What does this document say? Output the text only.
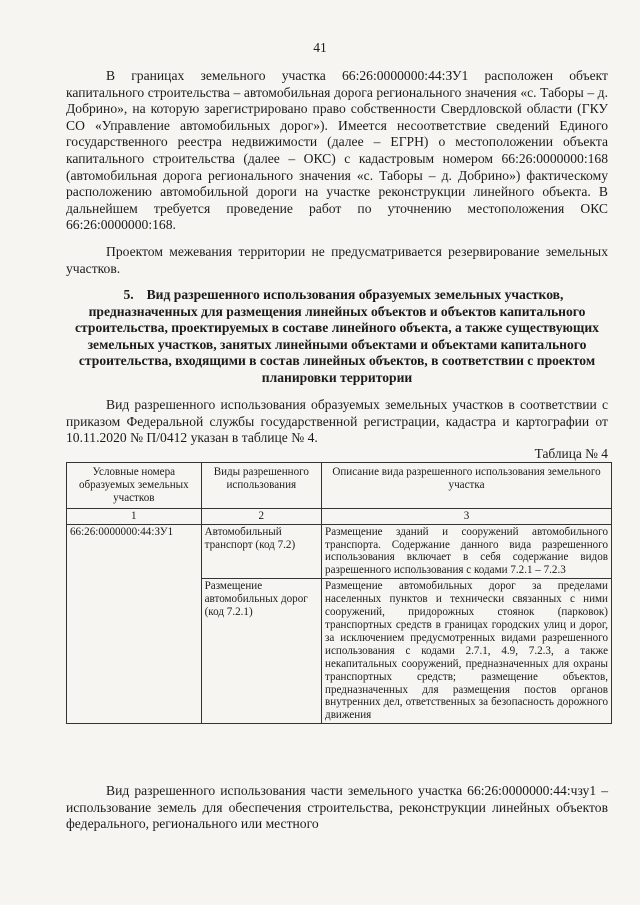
41

В границах земельного участка 66:26:0000000:44:ЗУ1 расположен объект капитального строительства – автомобильная дорога регионального значения «с. Таборы – д. Добрино», на которую зарегистрировано право собственности Свердловской области (ГКУ СО «Управление автомобильных дорог»). Имеется несоответствие сведений Единого государственного реестра недвижимости (далее – ЕГРН) о местоположении объекта капитального строительства (далее – ОКС) с кадастровым номером 66:26:0000000:168 (автомобильная дорога регионального значения «с. Таборы – д. Добрино») фактическому расположению автомобильной дороги на участке реконструкции линейного объекта. В дальнейшем требуется проведение работ по уточнению местоположения ОКС 66:26:0000000:168.

Проектом межевания территории не предусматривается резервирование земельных участков.

5. Вид разрешенного использования образуемых земельных участков, предназначенных для размещения линейных объектов и объектов капитального строительства, проектируемых в составе линейного объекта, а также существующих земельных участков, занятых линейными объектами и объектами капитального строительства, входящими в состав линейных объектов, в соответствии с проектом планировки территории

Вид разрешенного использования образуемых земельных участков в соответствии с приказом Федеральной службы государственной регистрации, кадастра и картографии от 10.11.2020 № П/0412 указан в таблице № 4.

Таблица № 4
Условные номера образуемых земельных участков	Виды разрешенного использования	Описание вида разрешенного использования земельного участка
1	2	3
66:26:0000000:44:ЗУ1	Автомобильный транспорт (код 7.2)	Размещение зданий и сооружений автомобильного транспорта. Содержание данного вида разрешенного использования включает в себя содержание видов разрешенного использования с кодами 7.2.1 – 7.2.3
	Размещение автомобильных дорог (код 7.2.1)	Размещение автомобильных дорог за пределами населенных пунктов и технически связанных с ними сооружений, придорожных стоянок (парковок) транспортных средств в границах городских улиц и дорог, за исключением предусмотренных видами разрешенного использования с кодами 2.7.1, 4.9, 7.2.3, а также некапитальных сооружений, предназначенных для охраны транспортных средств; размещение объектов, предназначенных для размещения постов органов внутренних дел, ответственных за безопасность дорожного движения

Вид разрешенного использования части земельного участка 66:26:0000000:44:чзу1 – использование земель для обеспечения строительства, реконструкции линейных объектов федерального, регионального или местного
